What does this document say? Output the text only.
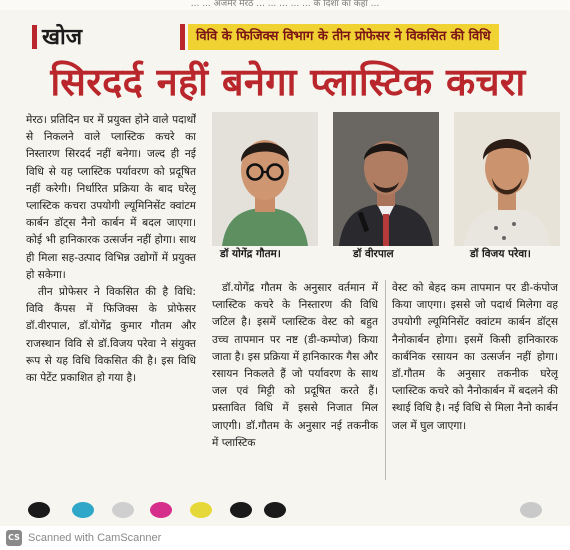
... ... अजमेर मेरठ ... ... ... ... ... के दिशा का कहाँ ...
खोज	विवि के फिजिक्स विभाग के तीन प्रोफेसर ने विकसित की विधि
सिरदर्द नहीं बनेगा प्लास्टिक कचरा

मेरठ। प्रतिदिन घर में प्रयुक्त होने वाले पदार्थों से निकलने वाले प्लास्टिक कचरे का निस्तारण सिरदर्द नहीं बनेगा। जल्द ही नई विधि से यह प्लास्टिक पर्यावरण को प्रदूषित नहीं करेगी। निर्धारित प्रक्रिया के बाद घरेलू प्लास्टिक कचरा उपयोगी ल्यूमिनिसेंट क्वांटम कार्बन डॉट्स नैनो कार्बन में बदल जाएगा। कोई भी हानिकारक उत्सर्जन नहीं होगा। साथ ही मिला सह-उत्पाद विभिन्न उद्योगों में प्रयुक्त हो सकेगा।

तीन प्रोफेसर ने विकसित की है विधि: विवि कैंपस में फिजिक्स के प्रोफेसर डॉ.वीरपाल, डॉ.योगेंद्र कुमार गौतम और राजस्थान विवि से डॉ.विजय परेवा ने संयुक्त रूप से यह विधि विकसित की है। इस विधि का पेटेंट प्रकाशित हो गया है।

डॉ योगेंद्र गौतम।	डॉ वीरपाल	डॉ विजय परेवा।
डॉ.योगेंद्र गौतम के अनुसार वर्तमान में प्लास्टिक कचरे के निस्तारण की विधि जटिल है। इसमें प्लास्टिक वेस्ट को बहुत उच्च तापमान पर नष्ट (डी-कम्पोज) किया जाता है। इस प्रक्रिया में हानिकारक गैस और रसायन निकलते हैं जो पर्यावरण के साथ जल एवं मिट्टी को प्रदूषित करते हैं। प्रस्तावित विधि में इससे निजात मिल जाएगी। डॉ.गौतम के अनुसार नई तकनीक में प्लास्टिक
वेस्ट को बेहद कम तापमान पर डी-कंपोज किया जाएगा। इससे जो पदार्थ मिलेगा वह उपयोगी ल्यूमिनिसेंट क्वांटम कार्बन डॉट्स नैनोकार्बन होगा। इसमें किसी हानिकारक कार्बनिक रसायन का उत्सर्जन नहीं होगा। डॉ.गौतम के अनुसार तकनीक घरेलू प्लास्टिक कचरे को नैनोकार्बन में बदलने की स्थाई विधि है। नई विधि से मिला नैनो कार्बन जल में घुल जाएगा।
CS Scanned with CamScanner
